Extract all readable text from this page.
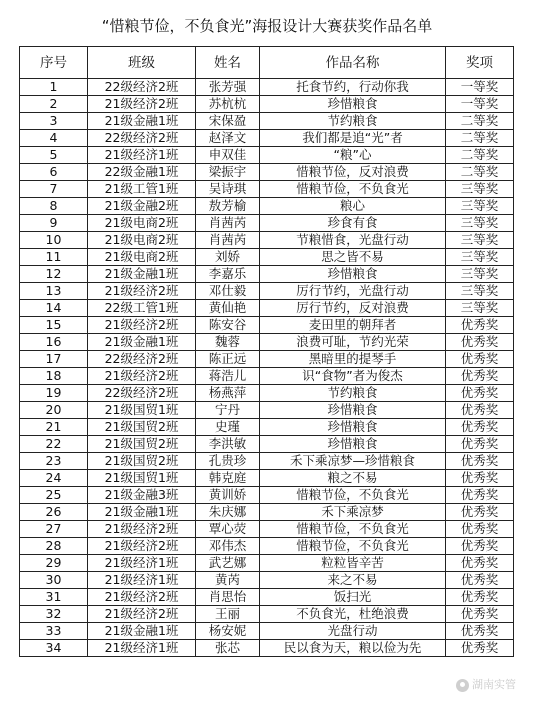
“惜粮节俭，不负食光”海报设计大赛获奖作品名单
序号	班级	姓名	作品名称	奖项
1	22级经济2班	张芳强	托食节约，行动你我	一等奖
2	21级经济2班	苏杭杭	珍惜粮食	一等奖
3	21级金融1班	宋保盈	节约粮食	二等奖
4	22级经济2班	赵泽文	我们都是追“光”者	二等奖
5	21级经济1班	申双佳	“粮”心	二等奖
6	22级金融1班	梁振宇	惜粮节俭，反对浪费	二等奖
7	21级工管1班	吴诗琪	惜粮节俭，不负食光	三等奖
8	21级金融2班	敖芳榆	粮心	三等奖
9	21级电商2班	肖茜芮	珍食有食	三等奖
10	21级电商2班	肖茜芮	节粮惜食，光盘行动	三等奖
11	21级电商2班	刘娇	思之皆不易	三等奖
12	21级金融1班	李嘉乐	珍惜粮食	三等奖
13	21级经济2班	邓仕毅	厉行节约，光盘行动	三等奖
14	22级工管1班	黄仙艳	厉行节约，反对浪费	三等奖
15	21级经济2班	陈安谷	麦田里的朝拜者	优秀奖
16	21级金融1班	魏蓉	浪费可耻，节约光荣	优秀奖
17	22级经济2班	陈正远	黑暗里的提琴手	优秀奖
18	21级经济2班	蒋浩儿	识“食物”者为俊杰	优秀奖
19	22级经济2班	杨燕萍	节约粮食	优秀奖
20	21级国贸1班	宁丹	珍惜粮食	优秀奖
21	21级国贸2班	史瑾	珍惜粮食	优秀奖
22	21级国贸2班	李洪敏	珍惜粮食	优秀奖
23	21级国贸2班	孔贵珍	禾下乘凉梦—珍惜粮食	优秀奖
24	21级国贸1班	韩克庭	粮之不易	优秀奖
25	21级金融3班	黄训娇	惜粮节俭，不负食光	优秀奖
26	21级金融1班	朱庆娜	禾下乘凉梦	优秀奖
27	21级经济2班	覃心荧	惜粮节俭，不负食光	优秀奖
28	21级经济2班	邓伟杰	惜粮节俭，不负食光	优秀奖
29	21级经济1班	武艺娜	粒粒皆辛苦	优秀奖
30	21级经济1班	黄芮	来之不易	优秀奖
31	21级经济2班	肖思怡	饭扫光	优秀奖
32	21级经济2班	王丽	不负食光，杜绝浪费	优秀奖
33	21级金融1班	杨安妮	光盘行动	优秀奖
34	21级经济1班	张芯	民以食为天，粮以俭为先	优秀奖
湖南实管
